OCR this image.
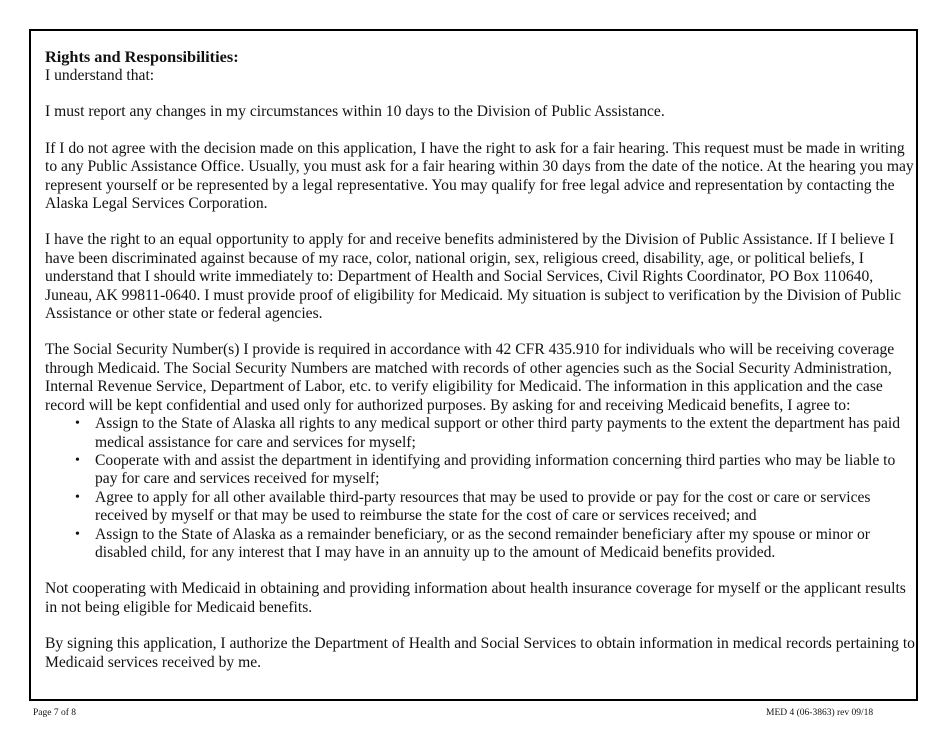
Rights and Responsibilities:

I understand that:

I must report any changes in my circumstances within 10 days to the Division of Public Assistance.

If I do not agree with the decision made on this application, I have the right to ask for a fair hearing. This request must be made in writing to any Public Assistance Office. Usually, you must ask for a fair hearing within 30 days from the date of the notice. At the hearing you may represent yourself or be represented by a legal representative. You may qualify for free legal advice and representation by contacting the Alaska Legal Services Corporation.

I have the right to an equal opportunity to apply for and receive benefits administered by the Division of Public Assistance. If I believe I have been discriminated against because of my race, color, national origin, sex, religious creed, disability, age, or political beliefs, I understand that I should write immediately to: Department of Health and Social Services, Civil Rights Coordinator, PO Box 110640, Juneau, AK 99811-0640. I must provide proof of eligibility for Medicaid. My situation is subject to verification by the Division of Public Assistance or other state or federal agencies.

The Social Security Number(s) I provide is required in accordance with 42 CFR 435.910 for individuals who will be receiving coverage through Medicaid. The Social Security Numbers are matched with records of other agencies such as the Social Security Administration, Internal Revenue Service, Department of Labor, etc. to verify eligibility for Medicaid. The information in this application and the case record will be kept confidential and used only for authorized purposes. By asking for and receiving Medicaid benefits, I agree to:

• Assign to the State of Alaska all rights to any medical support or other third party payments to the extent the department has paid medical assistance for care and services for myself;
• Cooperate with and assist the department in identifying and providing information concerning third parties who may be liable to pay for care and services received for myself;
• Agree to apply for all other available third-party resources that may be used to provide or pay for the cost or care or services received by myself or that may be used to reimburse the state for the cost of care or services received; and
• Assign to the State of Alaska as a remainder beneficiary, or as the second remainder beneficiary after my spouse or minor or disabled child, for any interest that I may have in an annuity up to the amount of Medicaid benefits provided.

Not cooperating with Medicaid in obtaining and providing information about health insurance coverage for myself or the applicant results in not being eligible for Medicaid benefits.

By signing this application, I authorize the Department of Health and Social Services to obtain information in medical records pertaining to Medicaid services received by me.

Page 7 of 8	MED 4 (06-3863) rev 09/18
